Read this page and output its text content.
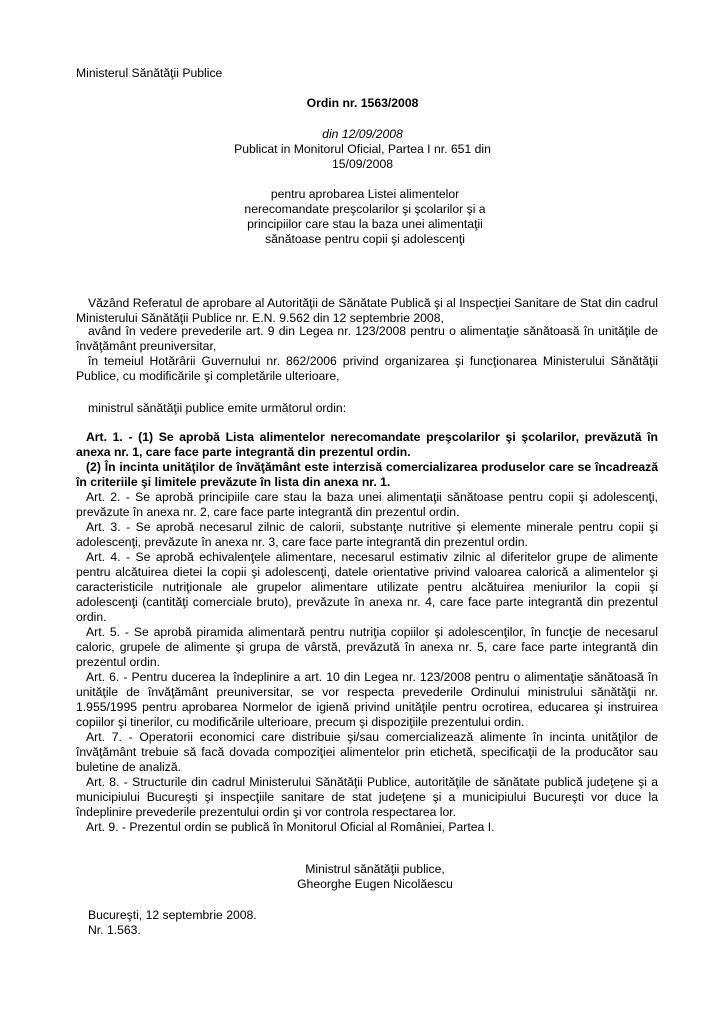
Ministerul Sănătăţii Publice
Ordin nr. 1563/2008
din 12/09/2008
Publicat in Monitorul Oficial, Partea I nr. 651 din
15/09/2008
pentru aprobarea Listei alimentelor nerecomandate preşcolarilor şi şcolarilor şi a principiilor care stau la baza unei alimentaţii sănătoase pentru copii şi adolescenţi
Văzând Referatul de aprobare al Autorităţii de Sănătate Publică şi al Inspecţiei Sanitare de Stat din cadrul Ministerului Sănătăţii Publice nr. E.N. 9.562 din 12 septembrie 2008,
având în vedere prevederile art. 9 din Legea nr. 123/2008 pentru o alimentaţie sănătoasă în unităţile de învăţământ preuniversitar,
în temeiul Hotărârii Guvernului nr. 862/2006 privind organizarea şi funcţionarea Ministerului Sănătăţii Publice, cu modificările şi completările ulterioare,
ministrul sănătăţii publice emite următorul ordin:

Art. 1. - (1) Se aprobă Lista alimentelor nerecomandate preşcolarilor şi şcolarilor, prevăzută în anexa nr. 1, care face parte integrantă din prezentul ordin.

(2) În incinta unităţilor de învăţământ este interzisă comercializarea produselor care se încadrează în criteriile şi limitele prevăzute în lista din anexa nr. 1.

Art. 2. - Se aprobă principiile care stau la baza unei alimentaţii sănătoase pentru copii şi adolescenţi, prevăzute în anexa nr. 2, care face parte integrantă din prezentul ordin.

Art. 3. - Se aprobă necesarul zilnic de calorii, substanţe nutritive şi elemente minerale pentru copii şi adolescenţi, prevăzute în anexa nr. 3, care face parte integrantă din prezentul ordin.

Art. 4. - Se aprobă echivalenţele alimentare, necesarul estimativ zilnic al diferitelor grupe de alimente pentru alcătuirea dietei la copii şi adolescenţi, datele orientative privind valoarea calorică a alimentelor şi caracteristicile nutriţionale ale grupelor alimentare utilizate pentru alcătuirea meniurilor la copii şi adolescenţi (cantităţi comerciale bruto), prevăzute în anexa nr. 4, care face parte integrantă din prezentul ordin.

Art. 5. - Se aprobă piramida alimentară pentru nutriţia copiilor şi adolescenţilor, în funcţie de necesarul caloric, grupele de alimente şi grupa de vârstă, prevăzută în anexa nr. 5, care face parte integrantă din prezentul ordin.

Art. 6. - Pentru ducerea la îndeplinire a art. 10 din Legea nr. 123/2008 pentru o alimentaţie sănătoasă în unităţile de învăţământ preuniversitar, se vor respecta prevederile Ordinului ministrului sănătăţii nr. 1.955/1995 pentru aprobarea Normelor de igienă privind unităţile pentru ocrotirea, educarea şi instruirea copiilor şi tinerilor, cu modificările ulterioare, precum şi dispoziţiile prezentului ordin.

Art. 7. - Operatorii economici care distribuie şi/sau comercializează alimente în incinta unităţilor de învăţământ trebuie să facă dovada compoziţiei alimentelor prin etichetă, specificaţii de la producător sau buletine de analiză.

Art. 8. - Structurile din cadrul Ministerului Sănătăţii Publice, autorităţile de sănătate publică judeţene şi a municipiului Bucureşti şi inspecţiile sanitare de stat judeţene şi a municipiului Bucureşti vor duce la îndeplinire prevederile prezentului ordin şi vor controla respectarea lor.

Art. 9. - Prezentul ordin se publică în Monitorul Oficial al României, Partea I.

Ministrul sănătăţii publice,
Gheorghe Eugen Nicolăescu
Bucureşti, 12 septembrie 2008.
Nr. 1.563.
